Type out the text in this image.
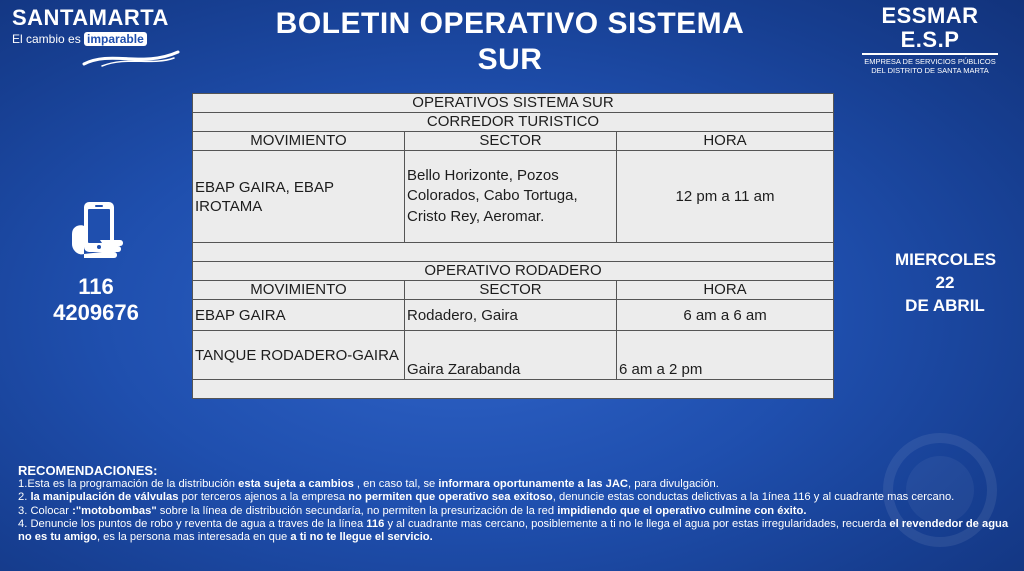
SANTAMARTA
El cambio es imparable	BOLETIN OPERATIVO SISTEMA SUR
ESSMAR E.S.P
EMPRESA DE SERVICIOS PÚBLICOS
DEL DISTRITO DE SANTA MARTA
OPERATIVOS SISTEMA SUR		
CORREDOR TURISTICO		
MOVIMIENTO	SECTOR	HORA
EBAP GAIRA, EBAP IROTAMA	Bello Horizonte, Pozos Colorados, Cabo Tortuga, Cristo Rey, Aeromar.	12 pm a 11 am

OPERATIVO RODADERO		
MOVIMIENTO	SECTOR	HORA
EBAP GAIRA	Rodadero, Gaira	6 am a 6 am
TANQUE RODADERO-GAIRA	Gaira Zarabanda	6 am a 2 pm

116
4209676
MIERCOLES
22
DE ABRIL
RECOMENDACIONES:
1.Esta es la programación de la distribución esta sujeta a cambios , en caso tal, se informara oportunamente a las JAC, para divulgación.
2. la manipulación de válvulas por terceros ajenos a la empresa no permiten que operativo sea exitoso, denuncie estas conductas delictivas a la 1ínea 116 y al cuadrante mas cercano.
3. Colocar :"motobombas" sobre la línea de distribución secundaría, no permiten la presurización de la red impidiendo que el operativo culmine con éxito.
4. Denuncie los puntos de robo y reventa de agua a traves de la línea 116 y al cuadrante mas cercano, posiblemente a ti no le llega el agua por estas irregularidades, recuerda el revendedor de agua no es tu amigo, es la persona mas interesada en que a ti no te llegue el servicio.
